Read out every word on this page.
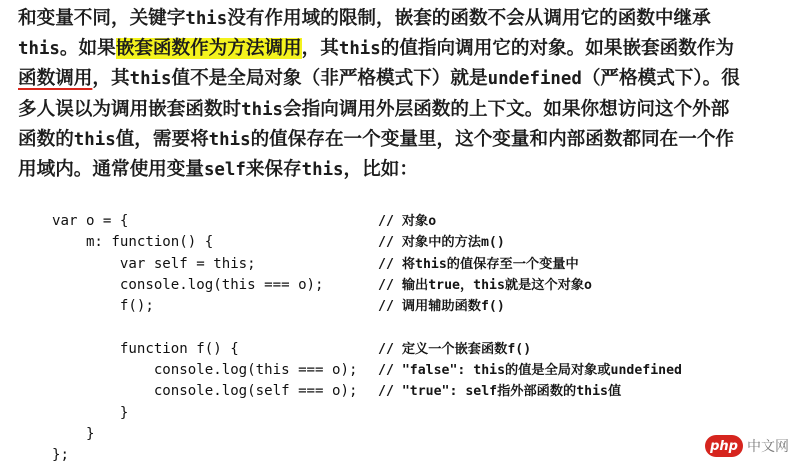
和变量不同，关键字this没有作用域的限制，嵌套的函数不会从调用它的函数中继承
this。如果嵌套函数作为方法调用，其this的值指向调用它的对象。如果嵌套函数作为
函数调用，其this值不是全局对象（非严格模式下）就是undefined（严格模式下）。很
多人误以为调用嵌套函数时this会指向调用外层函数的上下文。如果你想访问这个外部
函数的this值，需要将this的值保存在一个变量里，这个变量和内部函数都同在一个作
用域内。通常使用变量self来保存this，比如：
var o = {	// 对象o
m: function() {	// 对象中的方法m()
var self = this;	// 将this的值保存至一个变量中
console.log(this === o);	// 输出true，this就是这个对象o
f();	// 调用辅助函数f()
function f() {	// 定义一个嵌套函数f()
console.log(this === o); // "false": this的值是全局对象或undefined
console.log(self === o); // "true": self指外部函数的this值
}
}
};
php 中文网
